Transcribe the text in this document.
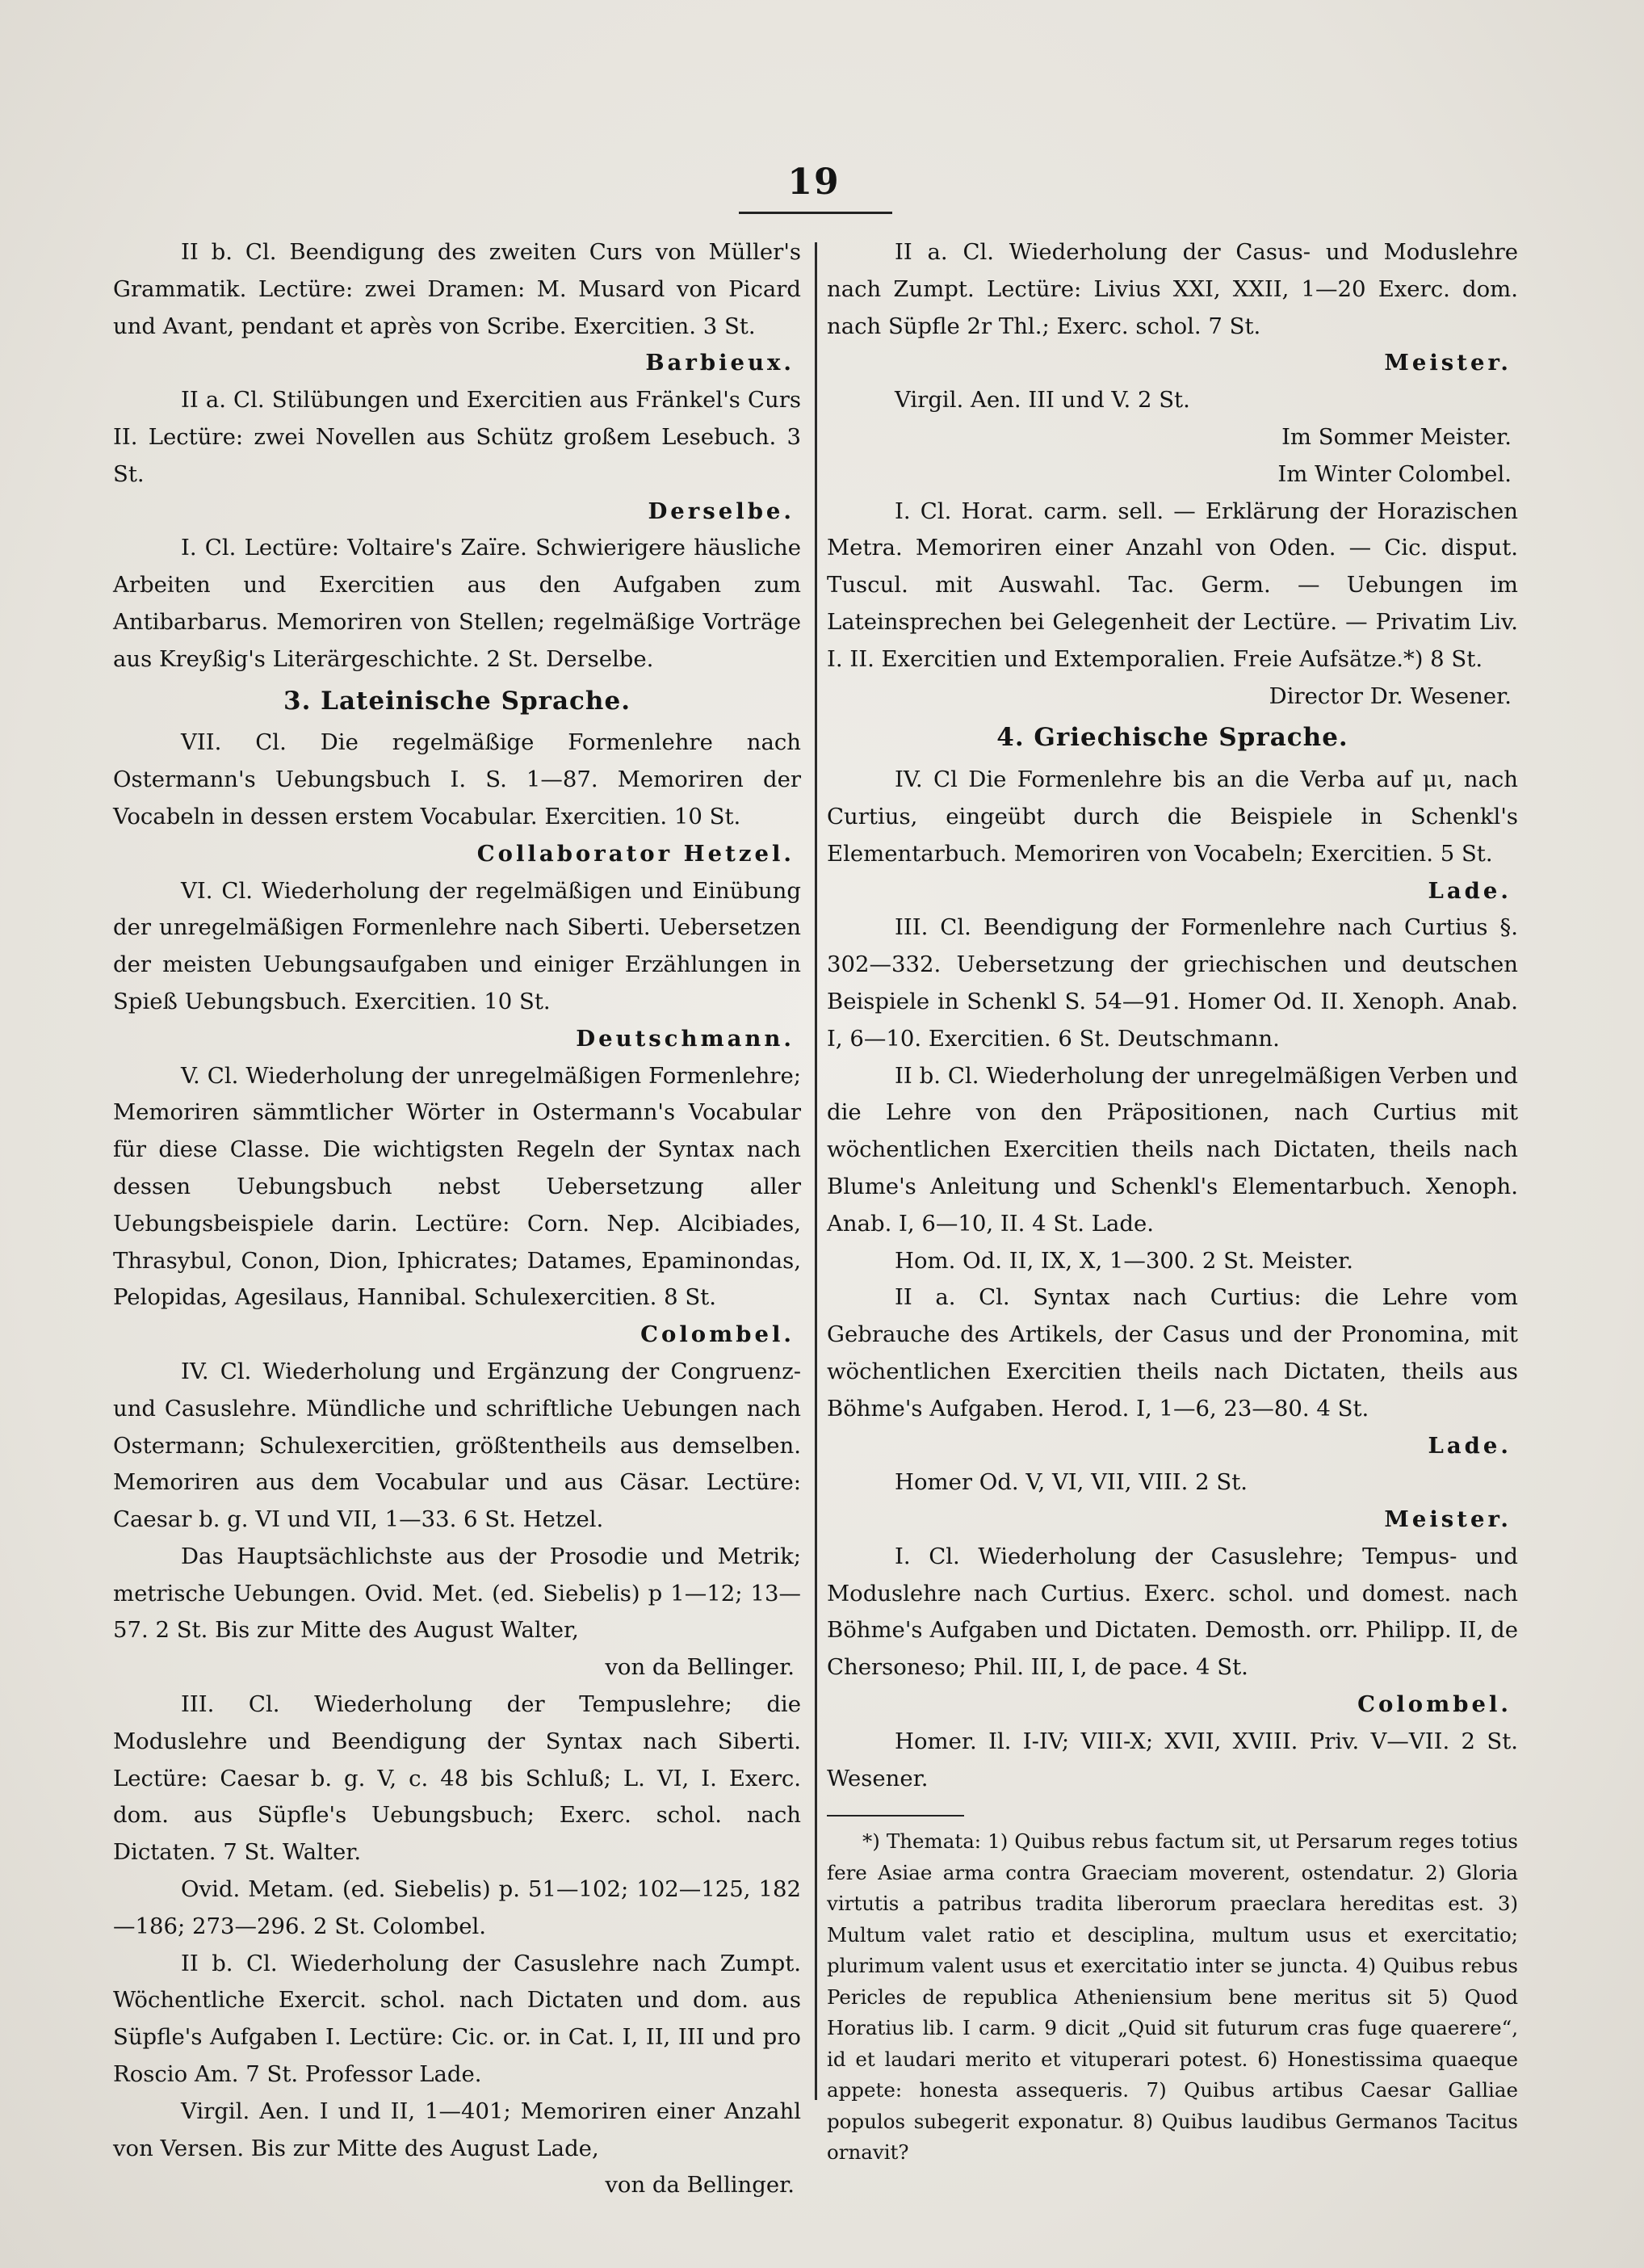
19

II b. Cl. Beendigung des zweiten Curs von Müller's Grammatik. Lectüre: zwei Dramen: M. Musard von Picard und Avant, pendant et après von Scribe. Exercitien. 3 St.

Barbieux.

II a. Cl. Stilübungen und Exercitien aus Fränkel's Curs II. Lectüre: zwei Novellen aus Schütz großem Lesebuch. 3 St.

Derselbe.

I. Cl. Lectüre: Voltaire's Zaïre. Schwierigere häusliche Arbeiten und Exercitien aus den Aufgaben zum Antibarbarus. Memoriren von Stellen; regelmäßige Vorträge aus Kreyßig's Literärgeschichte. 2 St. Derselbe.

3. Lateinische Sprache.

VII. Cl. Die regelmäßige Formenlehre nach Ostermann's Uebungsbuch I. S. 1—87. Memoriren der Vocabeln in dessen erstem Vocabular. Exercitien. 10 St.

Collaborator Hetzel.

VI. Cl. Wiederholung der regelmäßigen und Einübung der unregelmäßigen Formenlehre nach Siberti. Uebersetzen der meisten Uebungsaufgaben und einiger Erzählungen in Spieß Uebungsbuch. Exercitien. 10 St.

Deutschmann.

V. Cl. Wiederholung der unregelmäßigen Formenlehre; Memoriren sämmtlicher Wörter in Ostermann's Vocabular für diese Classe. Die wichtigsten Regeln der Syntax nach dessen Uebungsbuch nebst Uebersetzung aller Uebungsbeispiele darin. Lectüre: Corn. Nep. Alcibiades, Thrasybul, Conon, Dion, Iphicrates; Datames, Epaminondas, Pelopidas, Agesilaus, Hannibal. Schulexercitien. 8 St.

Colombel.

IV. Cl. Wiederholung und Ergänzung der Congruenz- und Casuslehre. Mündliche und schriftliche Uebungen nach Ostermann; Schulexercitien, größtentheils aus demselben. Memoriren aus dem Vocabular und aus Cäsar. Lectüre: Caesar b. g. VI und VII, 1—33. 6 St. Hetzel.

Das Hauptsächlichste aus der Prosodie und Metrik; metrische Uebungen. Ovid. Met. (ed. Siebelis) p 1—12; 13—57. 2 St. Bis zur Mitte des August Walter,

von da Bellinger.

III. Cl. Wiederholung der Tempuslehre; die Moduslehre und Beendigung der Syntax nach Siberti. Lectüre: Caesar b. g. V, c. 48 bis Schluß; L. VI, I. Exerc. dom. aus Süpfle's Uebungsbuch; Exerc. schol. nach Dictaten. 7 St. Walter.

Ovid. Metam. (ed. Siebelis) p. 51—102; 102—125, 182—186; 273—296. 2 St. Colombel.

II b. Cl. Wiederholung der Casuslehre nach Zumpt. Wöchentliche Exercit. schol. nach Dictaten und dom. aus Süpfle's Aufgaben I. Lectüre: Cic. or. in Cat. I, II, III und pro Roscio Am. 7 St. Professor Lade.

Virgil. Aen. I und II, 1—401; Memoriren einer Anzahl von Versen. Bis zur Mitte des August Lade,

von da Bellinger.

II a. Cl. Wiederholung der Casus- und Moduslehre nach Zumpt. Lectüre: Livius XXI, XXII, 1—20 Exerc. dom. nach Süpfle 2r Thl.; Exerc. schol. 7 St.

Meister.

Virgil. Aen. III und V. 2 St.

Im Sommer Meister.

Im Winter Colombel.

I. Cl. Horat. carm. sell. — Erklärung der Horazischen Metra. Memoriren einer Anzahl von Oden. — Cic. disput. Tuscul. mit Auswahl. Tac. Germ. — Uebungen im Lateinsprechen bei Gelegenheit der Lectüre. — Privatim Liv. I. II. Exercitien und Extemporalien. Freie Aufsätze.*) 8 St.

Director Dr. Wesener.

4. Griechische Sprache.

IV. Cl Die Formenlehre bis an die Verba auf μι, nach Curtius, eingeübt durch die Beispiele in Schenkl's Elementarbuch. Memoriren von Vocabeln; Exercitien. 5 St.

Lade.

III. Cl. Beendigung der Formenlehre nach Curtius §. 302—332. Uebersetzung der griechischen und deutschen Beispiele in Schenkl S. 54—91. Homer Od. II. Xenoph. Anab. I, 6—10. Exercitien. 6 St. Deutschmann.

II b. Cl. Wiederholung der unregelmäßigen Verben und die Lehre von den Präpositionen, nach Curtius mit wöchentlichen Exercitien theils nach Dictaten, theils nach Blume's Anleitung und Schenkl's Elementarbuch. Xenoph. Anab. I, 6—10, II. 4 St. Lade.

Hom. Od. II, IX, X, 1—300. 2 St. Meister.

II a. Cl. Syntax nach Curtius: die Lehre vom Gebrauche des Artikels, der Casus und der Pronomina, mit wöchentlichen Exercitien theils nach Dictaten, theils aus Böhme's Aufgaben. Herod. I, 1—6, 23—80. 4 St.

Lade.

Homer Od. V, VI, VII, VIII. 2 St.

Meister.

I. Cl. Wiederholung der Casuslehre; Tempus- und Moduslehre nach Curtius. Exerc. schol. und domest. nach Böhme's Aufgaben und Dictaten. Demosth. orr. Philipp. II, de Chersoneso; Phil. III, I, de pace. 4 St.

Colombel.

Homer. Il. I-IV; VIII-X; XVII, XVIII. Priv. V—VII. 2 St. Wesener.

*) Themata: 1) Quibus rebus factum sit, ut Persarum reges totius fere Asiae arma contra Graeciam moverent, ostendatur. 2) Gloria virtutis a patribus tradita liberorum praeclara hereditas est. 3) Multum valet ratio et desciplina, multum usus et exercitatio; plurimum valent usus et exercitatio inter se juncta. 4) Quibus rebus Pericles de republica Atheniensium bene meritus sit 5) Quod Horatius lib. I carm. 9 dicit „Quid sit futurum cras fuge quaerere“, id et laudari merito et vituperari potest. 6) Honestissima quaeque appete: honesta assequeris. 7) Quibus artibus Caesar Galliae populos subegerit exponatur. 8) Quibus laudibus Germanos Tacitus ornavit?
